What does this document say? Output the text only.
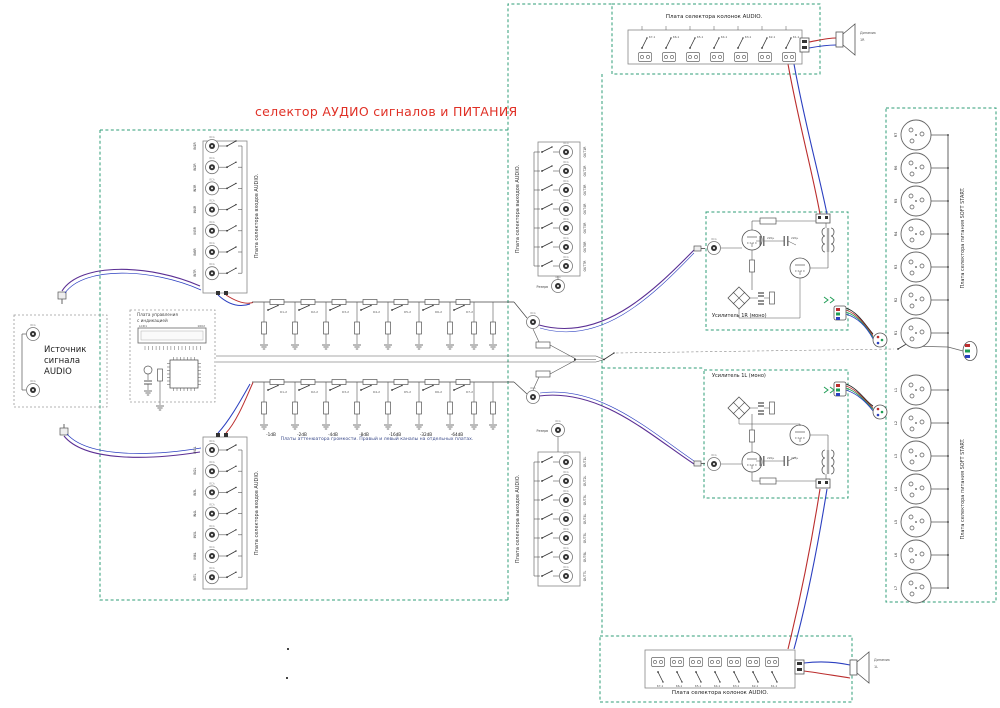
RCA
RCA
LCD1	1602
RCA
IN1R
RCA
IN2R
RCA
IN3R
RCA
IN4R
RCA
IN5R
RCA
IN6R
RCA
IN7R
RCA
IN1L
RCA
IN2L
RCA
IN3L
RCA
IN4L
RCA
IN5L
RCA
IN6L
RCA
IN7L
К1-2	К2-2	К3-2	К4-2	К5-2	К6-2	К7-2
К1-2	К2-2	К3-2	К4-2	К5-2	К6-2	К7-2
-1dB	-2dB	-4dB	-8dB	-16dB	-32dB	-64dB
RCA
OUT1R
RCA
OUT2R
RCA
OUT3R
RCA
OUT4R
RCA
OUT5R
RCA
OUT6R
RCA
OUT7R
RCA
Резерв
RCA
OUT1L
RCA
OUT2L
RCA
OUT3L
RCA
OUT4L
RCA
OUT5L
RCA
OUT6L
RCA
OUT7L
RCA
Резерв
RCA
RCA
RCA	220µ	220µ
RCA
220µ	220µ
К7-1	К6-1	К5-1	К4-1	К3-1	К2-1	К1-1
Динамик
1R
К7-1	К6-1	К5-1	К4-1	К3-1	К2-1	К1-1
Динамик
1L
R7
R6
R5
R4
R3
R2
R1
L1
L2
L3
L4
L5
L6
L7
селектор АУДИО сигналов и ПИТАНИЯ
Источник
сигнала
AUDIO
Плата управления
с индикацией
Плата селектора входов AUDIO.
Плата селектора входов AUDIO.
Плата селектора выходов AUDIO.
Плата селектора выходов AUDIO.
Плата селектора питания SOFT START.
Плата селектора питания SOFT START.
Плата селектора колонок AUDIO.
Плата селектора колонок AUDIO.
Усилитель 1R (моно)
Усилитель 1L (моно)
Платы аттенюатора громкости. Правый и левый каналы на отдельных платах.
